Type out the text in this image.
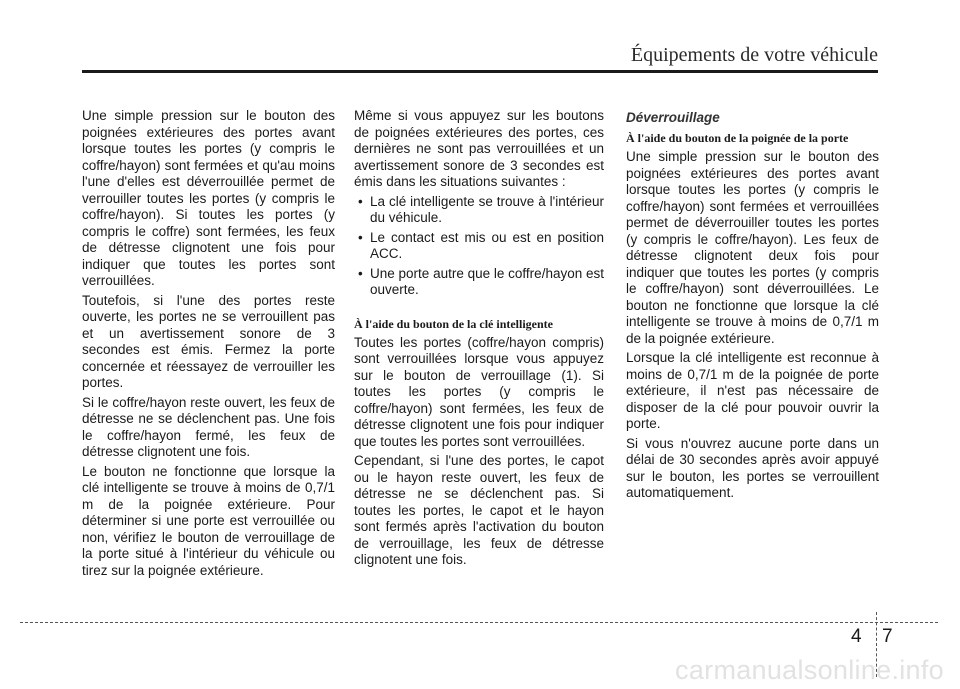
Équipements de votre véhicule

Une simple pression sur le bouton des poignées extérieures des portes avant lorsque toutes les portes (y compris le coffre/hayon) sont fermées et qu'au moins l'une d'elles est déverrouillée permet de verrouiller toutes les portes (y compris le coffre/hayon). Si toutes les portes (y compris le coffre) sont fermées, les feux de détresse clignotent une fois pour indiquer que toutes les portes sont verrouillées.

Toutefois, si l'une des portes reste ouverte, les portes ne se verrouillent pas et un avertissement sonore de 3 secondes est émis. Fermez la porte concernée et réessayez de verrouiller les portes.

Si le coffre/hayon reste ouvert, les feux de détresse ne se déclenchent pas. Une fois le coffre/hayon fermé, les feux de détresse clignotent une fois.

Le bouton ne fonctionne que lorsque la clé intelligente se trouve à moins de 0,7/1 m de la poignée extérieure. Pour déterminer si une porte est verrouillée ou non, vérifiez le bouton de verrouillage de la porte situé à l'intérieur du véhicule ou tirez sur la poignée extérieure.

Même si vous appuyez sur les boutons de poignées extérieures des portes, ces dernières ne sont pas verrouillées et un avertissement sonore de 3 secondes est émis dans les situations suivantes :

• La clé intelligente se trouve à l'intérieur du véhicule.
• Le contact est mis ou est en position ACC.
• Une porte autre que le coffre/hayon est ouverte.
À l'aide du bouton de la clé intelligente

Toutes les portes (coffre/hayon compris) sont verrouillées lorsque vous appuyez sur le bouton de verrouillage (1). Si toutes les portes (y compris le coffre/hayon) sont fermées, les feux de détresse clignotent une fois pour indiquer que toutes les portes sont verrouillées.

Cependant, si l'une des portes, le capot ou le hayon reste ouvert, les feux de détresse ne se déclenchent pas. Si toutes les portes, le capot et le hayon sont fermés après l'activation du bouton de verrouillage, les feux de détresse clignotent une fois.

Déverrouillage
À l'aide du bouton de la poignée de la porte

Une simple pression sur le bouton des poignées extérieures des portes avant lorsque toutes les portes (y compris le coffre/hayon) sont fermées et verrouillées permet de déverrouiller toutes les portes (y compris le coffre/hayon). Les feux de détresse clignotent deux fois pour indiquer que toutes les portes (y compris le coffre/hayon) sont déverrouillées. Le bouton ne fonctionne que lorsque la clé intelligente se trouve à moins de 0,7/1 m de la poignée extérieure.

Lorsque la clé intelligente est reconnue à moins de 0,7/1 m de la poignée de porte extérieure, il n'est pas nécessaire de disposer de la clé pour pouvoir ouvrir la porte.

Si vous n'ouvrez aucune porte dans un délai de 30 secondes après avoir appuyé sur le bouton, les portes se verrouillent automatiquement.

4 7
carmanualsonline.info
